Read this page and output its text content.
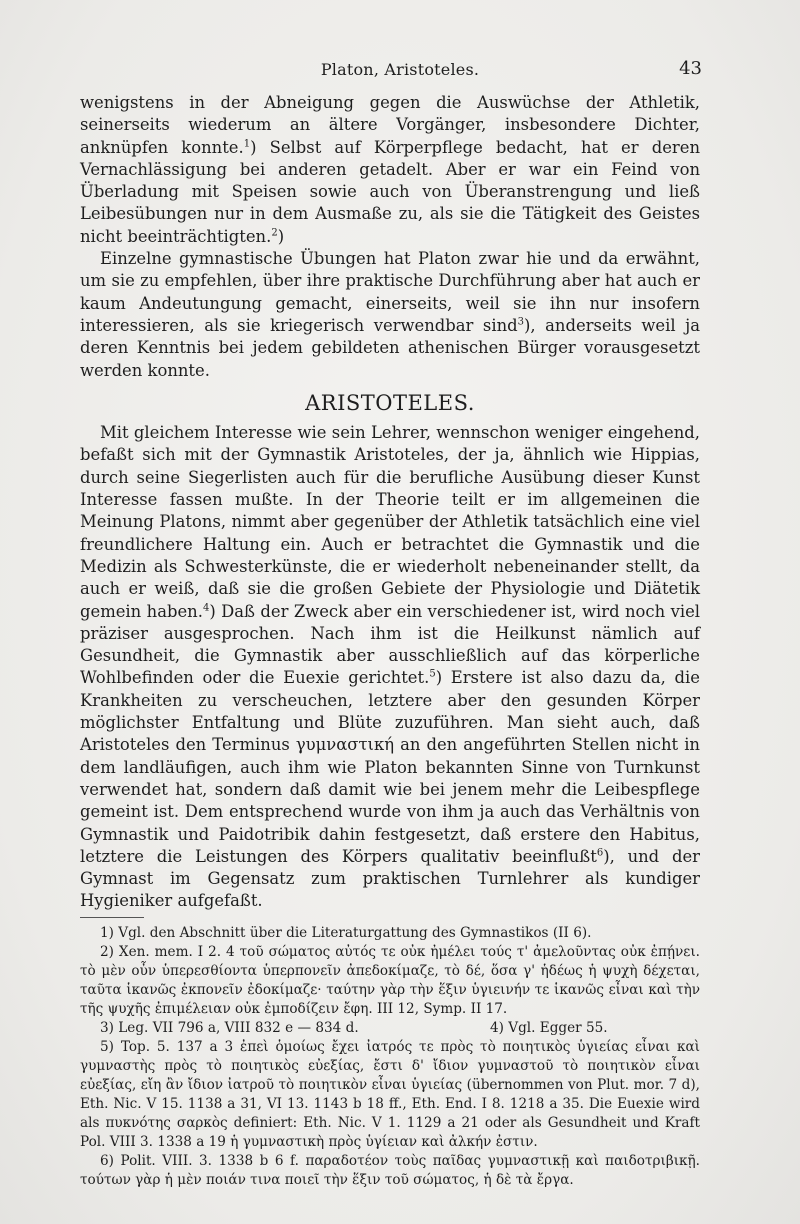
Platon, Aristoteles.	43

wenigstens in der Abneigung gegen die Auswüchse der Athletik, seinerseits wiederum an ältere Vorgänger, insbesondere Dichter, anknüpfen konnte.$^1$) Selbst auf Körperpflege bedacht, hat er deren Vernachlässigung bei anderen getadelt. Aber er war ein Feind von Überladung mit Speisen sowie auch von Überanstrengung und ließ Leibesübungen nur in dem Ausmaße zu, als sie die Tätigkeit des Geistes nicht beeinträchtigten.$^2$)

Einzelne gymnastische Übungen hat Platon zwar hie und da erwähnt, um sie zu empfehlen, über ihre praktische Durchführung aber hat auch er kaum Andeutungung gemacht, einerseits, weil sie ihn nur insofern interessieren, als sie kriegerisch verwendbar sind$^3$), anderseits weil ja deren Kenntnis bei jedem gebildeten athenischen Bürger vorausgesetzt werden konnte.

ARISTOTELES.

Mit gleichem Interesse wie sein Lehrer, wennschon weniger eingehend, befaßt sich mit der Gymnastik Aristoteles, der ja, ähnlich wie Hippias, durch seine Siegerlisten auch für die berufliche Ausübung dieser Kunst Interesse fassen mußte. In der Theorie teilt er im allgemeinen die Meinung Platons, nimmt aber gegenüber der Athletik tatsächlich eine viel freundlichere Haltung ein. Auch er betrachtet die Gymnastik und die Medizin als Schwesterkünste, die er wiederholt nebeneinander stellt, da auch er weiß, daß sie die großen Gebiete der Physiologie und Diätetik gemein haben.$^4$) Daß der Zweck aber ein verschiedener ist, wird noch viel präziser ausgesprochen. Nach ihm ist die Heilkunst nämlich auf Gesundheit, die Gymnastik aber ausschließlich auf das körperliche Wohlbefinden oder die Euexie gerichtet.$^5$) Erstere ist also dazu da, die Krankheiten zu verscheuchen, letztere aber den gesunden Körper möglichster Entfaltung und Blüte zuzuführen. Man sieht auch, daß Aristoteles den Terminus γυμναστική an den angeführten Stellen nicht in dem landläufigen, auch ihm wie Platon bekannten Sinne von Turnkunst verwendet hat, sondern daß damit wie bei jenem mehr die Leibespflege gemeint ist. Dem entsprechend wurde von ihm ja auch das Verhältnis von Gymnastik und Paidotribik dahin festgesetzt, daß erstere den Habitus, letztere die Leistungen des Körpers qualitativ beeinflußt$^6$), und der Gymnast im Gegensatz zum praktischen Turnlehrer als kundiger Hygieniker aufgefaßt.

1) Vgl. den Abschnitt über die Literaturgattung des Gymnastikos (II 6).

2) Xen. mem. I 2. 4 τοῦ σώματος αὐτός τε οὐκ ἠμέλει τούς τ' ἀμελοῦντας οὐκ ἐπῄνει. τὸ μὲν οὖν ὑπερεσθίοντα ὑπερπονεῖν ἀπεδοκίμαζε, τὸ δέ, ὅσα γ' ἡδέως ἡ ψυχὴ δέχεται, ταῦτα ἱκανῶς ἐκπονεῖν ἐδοκίμαζε· ταύτην γὰρ τὴν ἕξιν ὑγιεινήν τε ἱκανῶς εἶναι καὶ τὴν τῆς ψυχῆς ἐπιμέλειαν οὐκ ἐμποδίζειν ἔφη. III 12, Symp. II 17.

3) Leg. VII 796 a, VIII 832 e — 834 d.	4) Vgl. Egger 55.

5) Top. 5. 137 a 3 ἐπεὶ ὁμοίως ἔχει ἰατρός τε πρὸς τὸ ποιητικὸς ὑγιείας εἶναι καὶ γυμναστὴς πρὸς τὸ ποιητικὸς εὐεξίας, ἔστι δ' ἴδιον γυμναστοῦ τὸ ποιητικὸν εἶναι εὐεξίας, εἴη ἂν ἴδιον ἰατροῦ τὸ ποιητικὸν εἶναι ὑγιείας (übernommen von Plut. mor. 7 d), Eth. Nic. V 15. 1138 a 31, VI 13. 1143 b 18 ff., Eth. End. I 8. 1218 a 35. Die Euexie wird als πυκνότης σαρκὸς definiert: Eth. Nic. V 1. 1129 a 21 oder als Gesundheit und Kraft Pol. VIII 3. 1338 a 19 ἡ γυμναστικὴ πρὸς ὑγίειαν καὶ ἀλκήν ἐστιν.

6) Polit. VIII. 3. 1338 b 6 f. παραδοτέον τοὺς παῖδας γυμναστικῇ καὶ παιδοτριβικῇ. τούτων γὰρ ἡ μὲν ποιάν τινα ποιεῖ τὴν ἕξιν τοῦ σώματος, ἡ δὲ τὰ ἔργα.
